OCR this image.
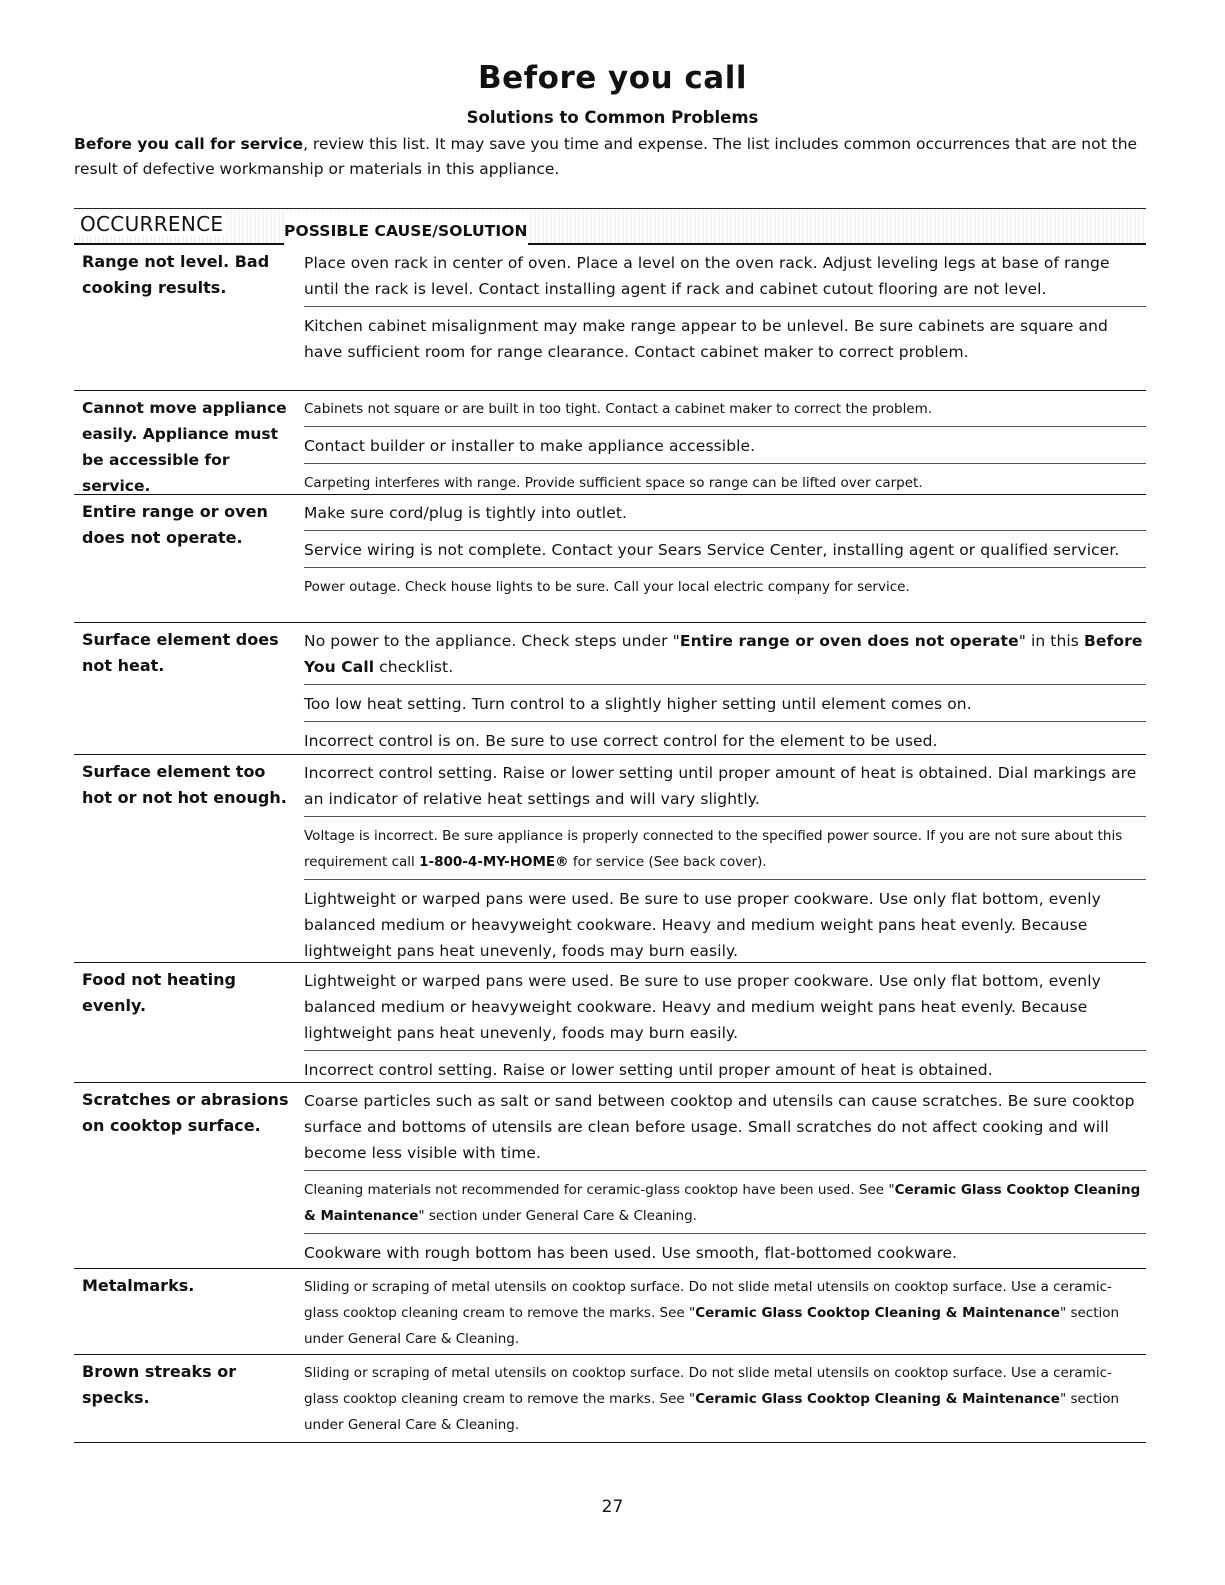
Before you call
Solutions to Common Problems

Before you call for service, review this list. It may save you time and expense. The list includes common occurrences that are not the result of defective workmanship or materials in this appliance.

OCCURRENCE	POSSIBLE CAUSE/SOLUTION
Range not level. Bad cooking results.
Place oven rack in center of oven. Place a level on the oven rack. Adjust leveling legs at base of range until the rack is level. Contact installing agent if rack and cabinet cutout flooring are not level.
Kitchen cabinet misalignment may make range appear to be unlevel. Be sure cabinets are square and have sufficient room for range clearance. Contact cabinet maker to correct problem.
Cannot move appliance easily. Appliance must be accessible for service.
Cabinets not square or are built in too tight. Contact a cabinet maker to correct the problem.
Contact builder or installer to make appliance accessible.
Carpeting interferes with range. Provide sufficient space so range can be lifted over carpet.
Entire range or oven does not operate.
Make sure cord/plug is tightly into outlet.
Service wiring is not complete. Contact your Sears Service Center, installing agent or qualified servicer.
Power outage. Check house lights to be sure. Call your local electric company for service.
Surface element does not heat.
No power to the appliance. Check steps under "Entire range or oven does not operate" in this Before You Call checklist.
Too low heat setting. Turn control to a slightly higher setting until element comes on.
Incorrect control is on. Be sure to use correct control for the element to be used.
Surface element too hot or not hot enough.
Incorrect control setting. Raise or lower setting until proper amount of heat is obtained. Dial markings are an indicator of relative heat settings and will vary slightly.
Voltage is incorrect. Be sure appliance is properly connected to the specified power source. If you are not sure about this requirement call 1-800-4-MY-HOME® for service (See back cover).
Lightweight or warped pans were used. Be sure to use proper cookware. Use only flat bottom, evenly balanced medium or heavyweight cookware. Heavy and medium weight pans heat evenly. Because lightweight pans heat unevenly, foods may burn easily.
Food not heating evenly.
Lightweight or warped pans were used. Be sure to use proper cookware. Use only flat bottom, evenly balanced medium or heavyweight cookware. Heavy and medium weight pans heat evenly. Because lightweight pans heat unevenly, foods may burn easily.
Incorrect control setting. Raise or lower setting until proper amount of heat is obtained.
Scratches or abrasions on cooktop surface.
Coarse particles such as salt or sand between cooktop and utensils can cause scratches. Be sure cooktop surface and bottoms of utensils are clean before usage. Small scratches do not affect cooking and will become less visible with time.
Cleaning materials not recommended for ceramic-glass cooktop have been used. See "Ceramic Glass Cooktop Cleaning & Maintenance" section under General Care & Cleaning.
Cookware with rough bottom has been used. Use smooth, flat-bottomed cookware.
Metalmarks.	Sliding or scraping of metal utensils on cooktop surface. Do not slide metal utensils on cooktop surface. Use a ceramic-glass cooktop cleaning cream to remove the marks. See "Ceramic Glass Cooktop Cleaning & Maintenance" section under General Care & Cleaning.
Brown streaks or specks.
Sliding or scraping of metal utensils on cooktop surface. Do not slide metal utensils on cooktop surface. Use a ceramic-glass cooktop cleaning cream to remove the marks. See "Ceramic Glass Cooktop Cleaning & Maintenance" section under General Care & Cleaning.
27
